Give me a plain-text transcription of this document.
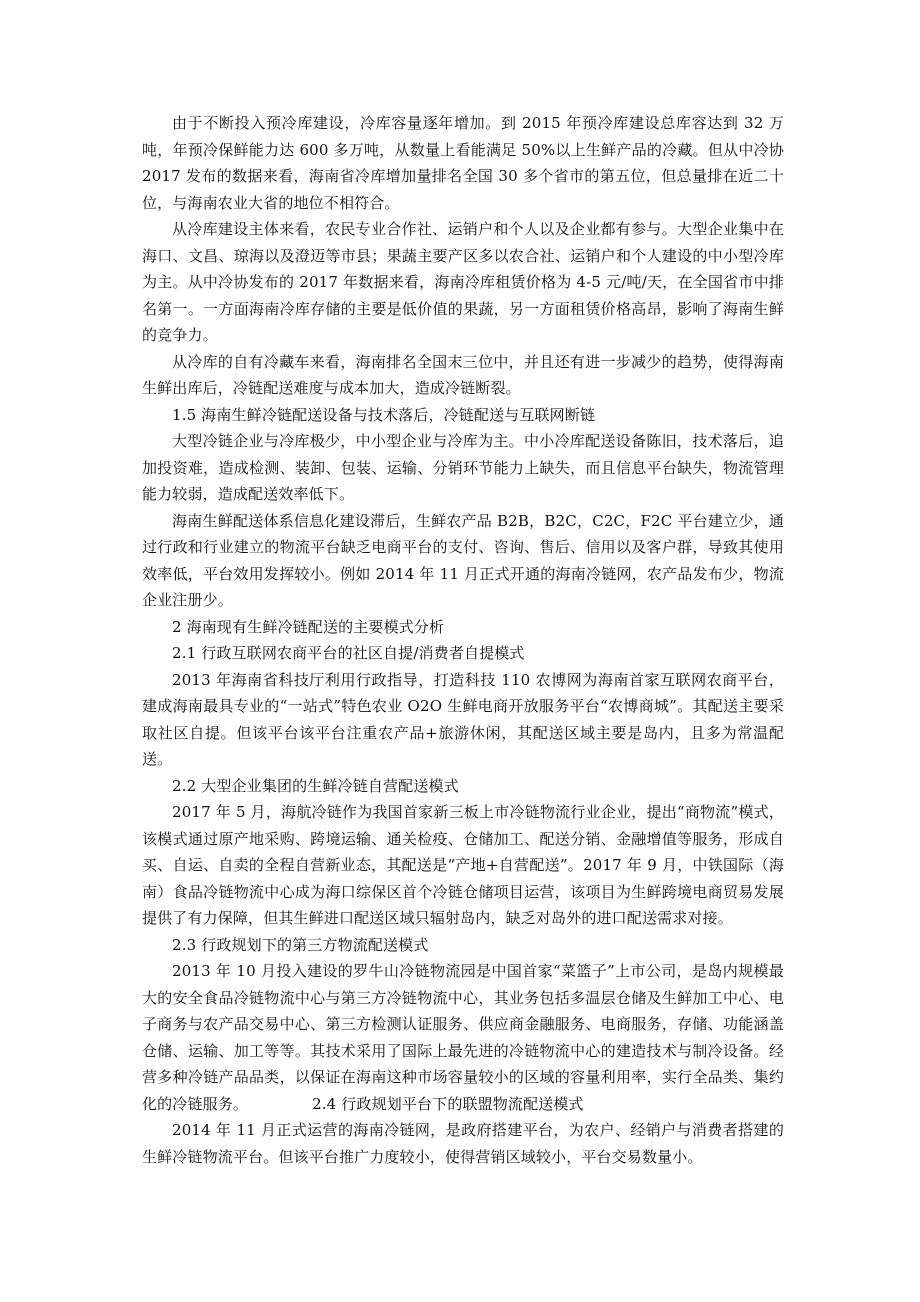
由于不断投入预冷库建设，冷库容量逐年增加。到 2015 年预冷库建设总库容达到 32 万吨，年预冷保鲜能力达 600 多万吨，从数量上看能满足 50%以上生鲜产品的冷藏。但从中冷协 2017 发布的数据来看，海南省冷库增加量排名全国 30 多个省市的第五位，但总量排在近二十位，与海南农业大省的地位不相符合。

从冷库建设主体来看，农民专业合作社、运销户和个人以及企业都有参与。大型企业集中在海口、文昌、琼海以及澄迈等市县；果蔬主要产区多以农合社、运销户和个人建设的中小型冷库为主。从中冷协发布的 2017 年数据来看，海南冷库租赁价格为 4-5 元/吨/天，在全国省市中排名第一。一方面海南冷库存储的主要是低价值的果蔬，另一方面租赁价格高昂，影响了海南生鲜的竞争力。

从冷库的自有冷藏车来看，海南排名全国末三位中，并且还有进一步减少的趋势，使得海南生鲜出库后，冷链配送难度与成本加大，造成冷链断裂。

1.5 海南生鲜冷链配送设备与技术落后，冷链配送与互联网断链

大型冷链企业与冷库极少，中小型企业与冷库为主。中小冷库配送设备陈旧，技术落后，追加投资难，造成检测、装卸、包装、运输、分销环节能力上缺失，而且信息平台缺失，物流管理能力较弱，造成配送效率低下。

海南生鲜配送体系信息化建设滞后，生鲜农产品 B2B，B2C，C2C，F2C 平台建立少，通过行政和行业建立的物流平台缺乏电商平台的支付、咨询、售后、信用以及客户群，导致其使用效率低，平台效用发挥较小。例如 2014 年 11 月正式开通的海南冷链网，农产品发布少，物流企业注册少。

2 海南现有生鲜冷链配送的主要模式分析

2.1 行政互联网农商平台的社区自提/消费者自提模式

2013 年海南省科技厅利用行政指导，打造科技 110 农博网为海南首家互联网农商平台，建成海南最具专业的“一站式”特色农业 O2O 生鲜电商开放服务平台“农博商城”。其配送主要采取社区自提。但该平台该平台注重农产品+旅游休闲，其配送区域主要是岛内，且多为常温配送。

2.2 大型企业集团的生鲜冷链自营配送模式

2017 年 5 月，海航冷链作为我国首家新三板上市冷链物流行业企业，提出“商物流”模式，该模式通过原产地采购、跨境运输、通关检疫、仓储加工、配送分销、金融增值等服务，形成自买、自运、自卖的全程自营新业态，其配送是“产地+自营配送”。2017 年 9 月，中铁国际（海南）食品冷链物流中心成为海口综保区首个冷链仓储项目运营，该项目为生鲜跨境电商贸易发展提供了有力保障，但其生鲜进口配送区域只辐射岛内，缺乏对岛外的进口配送需求对接。

2.3 行政规划下的第三方物流配送模式

2013 年 10 月投入建设的罗牛山冷链物流园是中国首家“菜篮子”上市公司，是岛内规模最大的安全食品冷链物流中心与第三方冷链物流中心，其业务包括多温层仓储及生鲜加工中心、电子商务与农产品交易中心、第三方检测认证服务、供应商金融服务、电商服务，存储、功能涵盖仓储、运输、加工等等。其技术采用了国际上最先进的冷链物流中心的建造技术与制冷设备。经营多种冷链产品品类，以保证在海南这种市场容量较小的区域的容量利用率，实行全品类、集约化的冷链服务。	2.4 行政规划平台下的联盟物流配送模式

2014 年 11 月正式运营的海南冷链网，是政府搭建平台，为农户、经销户与消费者搭建的生鲜冷链物流平台。但该平台推广力度较小，使得营销区域较小，平台交易数量小。
